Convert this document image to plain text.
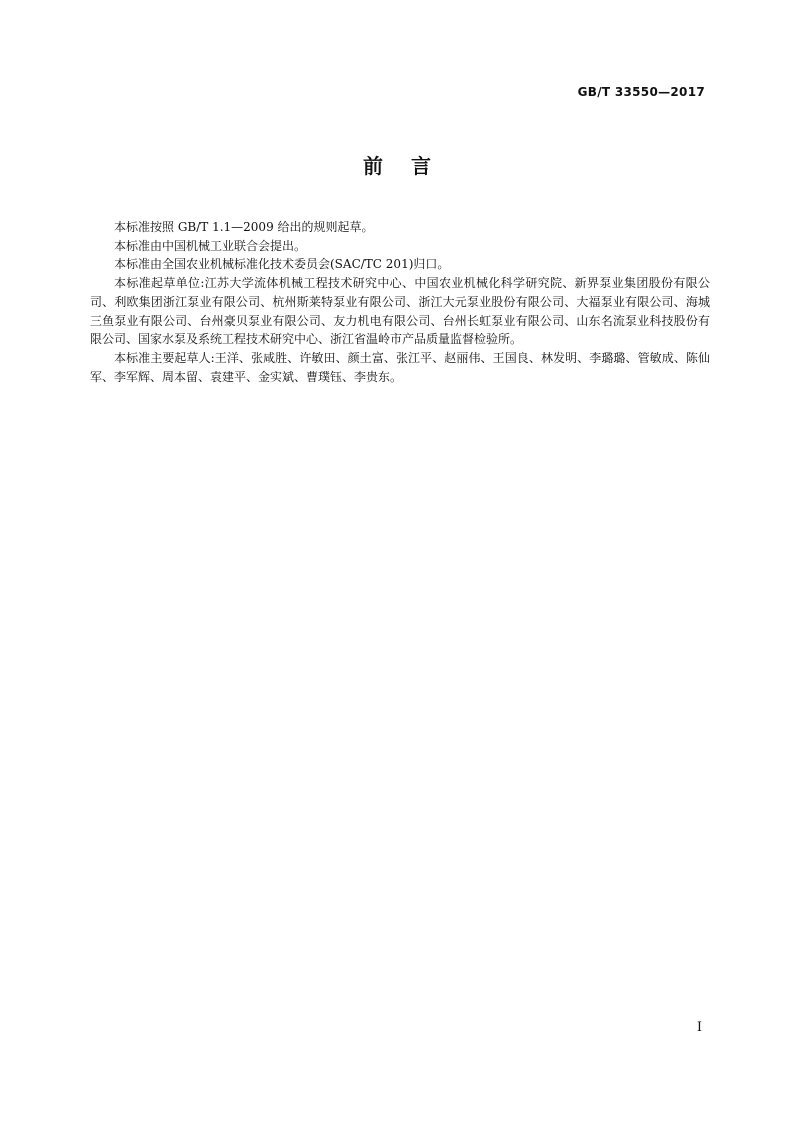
GB/T 33550—2017
前言

本标准按照 GB/T 1.1—2009 给出的规则起草。

本标准由中国机械工业联合会提出。

本标准由全国农业机械标准化技术委员会(SAC/TC 201)归口。

本标准起草单位:江苏大学流体机械工程技术研究中心、中国农业机械化科学研究院、新界泵业集团股份有限公司、利欧集团浙江泵业有限公司、杭州斯莱特泵业有限公司、浙江大元泵业股份有限公司、大福泵业有限公司、海城三鱼泵业有限公司、台州豪贝泵业有限公司、友力机电有限公司、台州长虹泵业有限公司、山东名流泵业科技股份有限公司、国家水泵及系统工程技术研究中心、浙江省温岭市产品质量监督检验所。

本标准主要起草人:王洋、张咸胜、许敏田、颜土富、张江平、赵丽伟、王国良、林发明、李璐璐、管敏成、陈仙军、李军辉、周本留、袁建平、金实斌、曹璞钰、李贵东。

I
